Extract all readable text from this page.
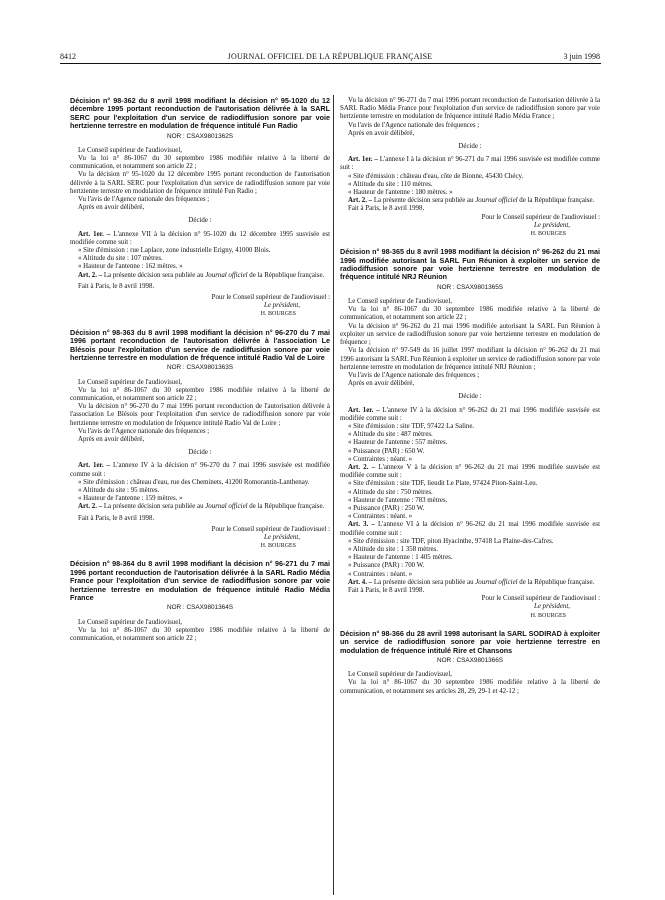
8412	JOURNAL OFFICIEL DE LA RÉPUBLIQUE FRANÇAISE	3 juin 1998
Décision n° 98-362 du 8 avril 1998 modifiant la décision n° 95-1020 du 12 décembre 1995 portant reconduction de l'autorisation délivrée à la SARL SERC pour l'exploitation d'un service de radiodiffusion sonore par voie hertzienne terrestre en modulation de fréquence intitulé Fun Radio
NOR : CSAX9801362S

Le Conseil supérieur de l'audiovisuel,

Vu la loi n° 86-1067 du 30 septembre 1986 modifiée relative à la liberté de communication, et notamment son article 22 ;

Vu la décision n° 95-1020 du 12 décembre 1995 portant reconduction de l'autorisation délivrée à la SARL SERC pour l'exploitation d'un service de radiodiffusion sonore par voie hertzienne terrestre en modulation de fréquence intitulé Fun Radio ;

Vu l'avis de l'Agence nationale des fréquences ;

Après en avoir délibéré,

Décide :

Art. 1er. – L'annexe VII à la décision n° 95-1020 du 12 décembre 1995 susvisée est modifiée comme suit :

« Site d'émission : rue Laplace, zone industrielle Erigny, 41000 Blois.

« Altitude du site : 107 mètres.

« Hauteur de l'antenne : 162 mètres. »

Art. 2. – La présente décision sera publiée au Journal officiel de la République française.

Fait à Paris, le 8 avril 1998.

Pour le Conseil supérieur de l'audiovisuel :
Le président,
H. BOURGES
Décision n° 98-363 du 8 avril 1998 modifiant la décision n° 96-270 du 7 mai 1996 portant reconduction de l'autorisation délivrée à l'association Le Blésois pour l'exploitation d'un service de radiodiffusion sonore par voie hertzienne terrestre en modulation de fréquence intitulé Radio Val de Loire
NOR : CSAX9801363S

Le Conseil supérieur de l'audiovisuel,

Vu la loi n° 86-1067 du 30 septembre 1986 modifiée relative à la liberté de communication, et notamment son article 22 ;

Vu la décision n° 96-270 du 7 mai 1996 portant reconduction de l'autorisation délivrée à l'association Le Blésois pour l'exploitation d'un service de radiodiffusion sonore par voie hertzienne terrestre en modulation de fréquence intitulé Radio Val de Loire ;

Vu l'avis de l'Agence nationale des fréquences ;

Après en avoir délibéré,

Décide :

Art. 1er. – L'annexe IV à la décision n° 96-270 du 7 mai 1996 susvisée est modifiée comme suit :

« Site d'émission : château d'eau, rue des Cheminets, 41200 Romorantin-Lanthenay.

« Altitude du site : 95 mètres.

« Hauteur de l'antenne : 159 mètres. »

Art. 2. – La présente décision sera publiée au Journal officiel de la République française.

Fait à Paris, le 8 avril 1998.

Pour le Conseil supérieur de l'audiovisuel :
Le président,
H. BOURGES
Décision n° 98-364 du 8 avril 1998 modifiant la décision n° 96-271 du 7 mai 1996 portant reconduction de l'autorisation délivrée à la SARL Radio Média France pour l'exploitation d'un service de radiodiffusion sonore par voie hertzienne terrestre en modulation de fréquence intitulé Radio Média France
NOR : CSAX9801364S

Le Conseil supérieur de l'audiovisuel,

Vu la loi n° 86-1067 du 30 septembre 1986 modifiée relative à la liberté de communication, et notamment son article 22 ;

Vu la décision n° 96-271 du 7 mai 1996 portant reconduction de l'autorisation délivrée à la SARL Radio Média France pour l'exploitation d'un service de radiodiffusion sonore par voie hertzienne terrestre en modulation de fréquence intitulé Radio Média France ;

Vu l'avis de l'Agence nationale des fréquences ;

Après en avoir délibéré,

Décide :

Art. 1er. – L'annexe I à la décision n° 96-271 du 7 mai 1996 susvisée est modifiée comme suit :

« Site d'émission : château d'eau, côte de Bionne, 45430 Chécy.

« Altitude du site : 110 mètres.

« Hauteur de l'antenne : 180 mètres. »

Art. 2. – La présente décision sera publiée au Journal officiel de la République française.

Fait à Paris, le 8 avril 1998.

Pour le Conseil supérieur de l'audiovisuel :
Le président,
H. BOURGES
Décision n° 98-365 du 8 avril 1998 modifiant la décision n° 96-262 du 21 mai 1996 modifiée autorisant la SARL Fun Réunion à exploiter un service de radiodiffusion sonore par voie hertzienne terrestre en modulation de fréquence intitulé NRJ Réunion
NOR : CSAX9801365S

Le Conseil supérieur de l'audiovisuel,

Vu la loi n° 86-1067 du 30 septembre 1986 modifiée relative à la liberté de communication, et notamment son article 22 ;

Vu la décision n° 96-262 du 21 mai 1996 modifiée autorisant la SARL Fun Réunion à exploiter un service de radiodiffusion sonore par voie hertzienne terrestre en modulation de fréquence ;

Vu la décision n° 97-549 du 16 juillet 1997 modifiant la décision n° 96-262 du 21 mai 1996 autorisant la SARL Fun Réunion à exploiter un service de radiodiffusion sonore par voie hertzienne terrestre en modulation de fréquence intitulé NRJ Réunion ;

Vu l'avis de l'Agence nationale des fréquences ;

Après en avoir délibéré,

Décide :

Art. 1er. – L'annexe IV à la décision n° 96-262 du 21 mai 1996 modifiée susvisée est modifiée comme suit :

« Site d'émission : site TDF, 97422 La Saline.

« Altitude du site : 487 mètres.

« Hauteur de l'antenne : 557 mètres.

« Puissance (PAR) : 650 W.

« Contraintes : néant. »

Art. 2. – L'annexe V à la décision n° 96-262 du 21 mai 1996 modifiée susvisée est modifiée comme suit :

« Site d'émission : site TDF, lieudit Le Plate, 97424 Piton-Saint-Leu.

« Altitude du site : 750 mètres.

« Hauteur de l'antenne : 783 mètres.

« Puissance (PAR) : 250 W.

« Contraintes : néant. »

Art. 3. – L'annexe VI à la décision n° 96-262 du 21 mai 1996 modifiée susvisée est modifiée comme suit :

« Site d'émission : site TDF, piton Hyacinthe, 97418 La Plaine-des-Cafres.

« Altitude du site : 1 358 mètres.

« Hauteur de l'antenne : 1 405 mètres.

« Puissance (PAR) : 700 W.

« Contraintes : néant. »

Art. 4. – La présente décision sera publiée au Journal officiel de la République française.

Fait à Paris, le 8 avril 1998.

Pour le Conseil supérieur de l'audiovisuel :
Le président,
H. BOURGES
Décision n° 98-366 du 28 avril 1998 autorisant la SARL SODIRAD à exploiter un service de radiodiffusion sonore par voie hertzienne terrestre en modulation de fréquence intitulé Rire et Chansons
NOR : CSAX9801366S

Le Conseil supérieur de l'audiovisuel,

Vu la loi n° 86-1067 du 30 septembre 1986 modifiée relative à la liberté de communication, et notamment ses articles 28, 29, 29-1 et 42-12 ;
